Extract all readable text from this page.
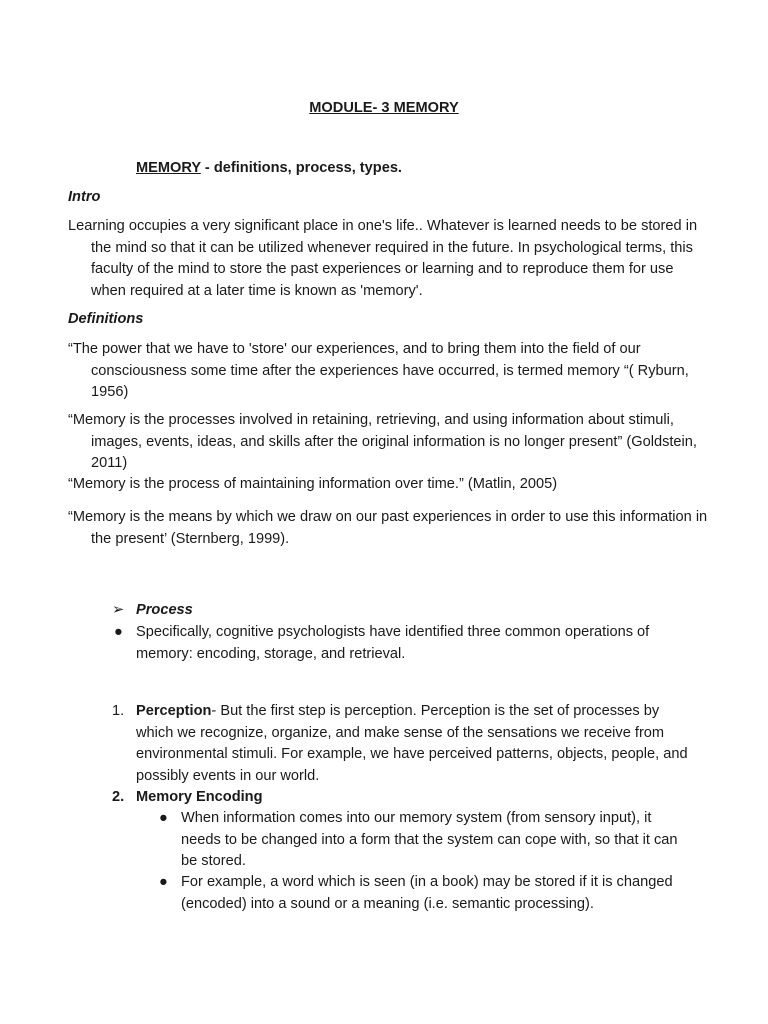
MODULE- 3 MEMORY
MEMORY - definitions, process, types.
Intro

Learning occupies a very significant place in one's life.. Whatever is learned needs to be stored in the mind so that it can be utilized whenever required in the future. In psychological terms, this faculty of the mind to store the past experiences or learning and to reproduce them for use when required at a later time is known as 'memory'.

Definitions

“The power that we have to 'store' our experiences, and to bring them into the field of our consciousness some time after the experiences have occurred, is termed memory “( Ryburn, 1956)

“Memory is the processes involved in retaining, retrieving, and using information about stimuli, images, events, ideas, and skills after the original information is no longer present” (Goldstein, 2011)

“Memory is the process of maintaining information over time.” (Matlin, 2005)

“Memory is the means by which we draw on our past experiences in order to use this information in the present’ (Sternberg, 1999).

➢ Process

● Specifically, cognitive psychologists have identified three common operations of memory: encoding, storage, and retrieval.

1. Perception- But the first step is perception. Perception is the set of processes by which we recognize, organize, and make sense of the sensations we receive from environmental stimuli. For example, we have perceived patterns, objects, people, and possibly events in our world.

2. Memory Encoding

● When information comes into our memory system (from sensory input), it needs to be changed into a form that the system can cope with, so that it can be stored.

● For example, a word which is seen (in a book) may be stored if it is changed (encoded) into a sound or a meaning (i.e. semantic processing).
